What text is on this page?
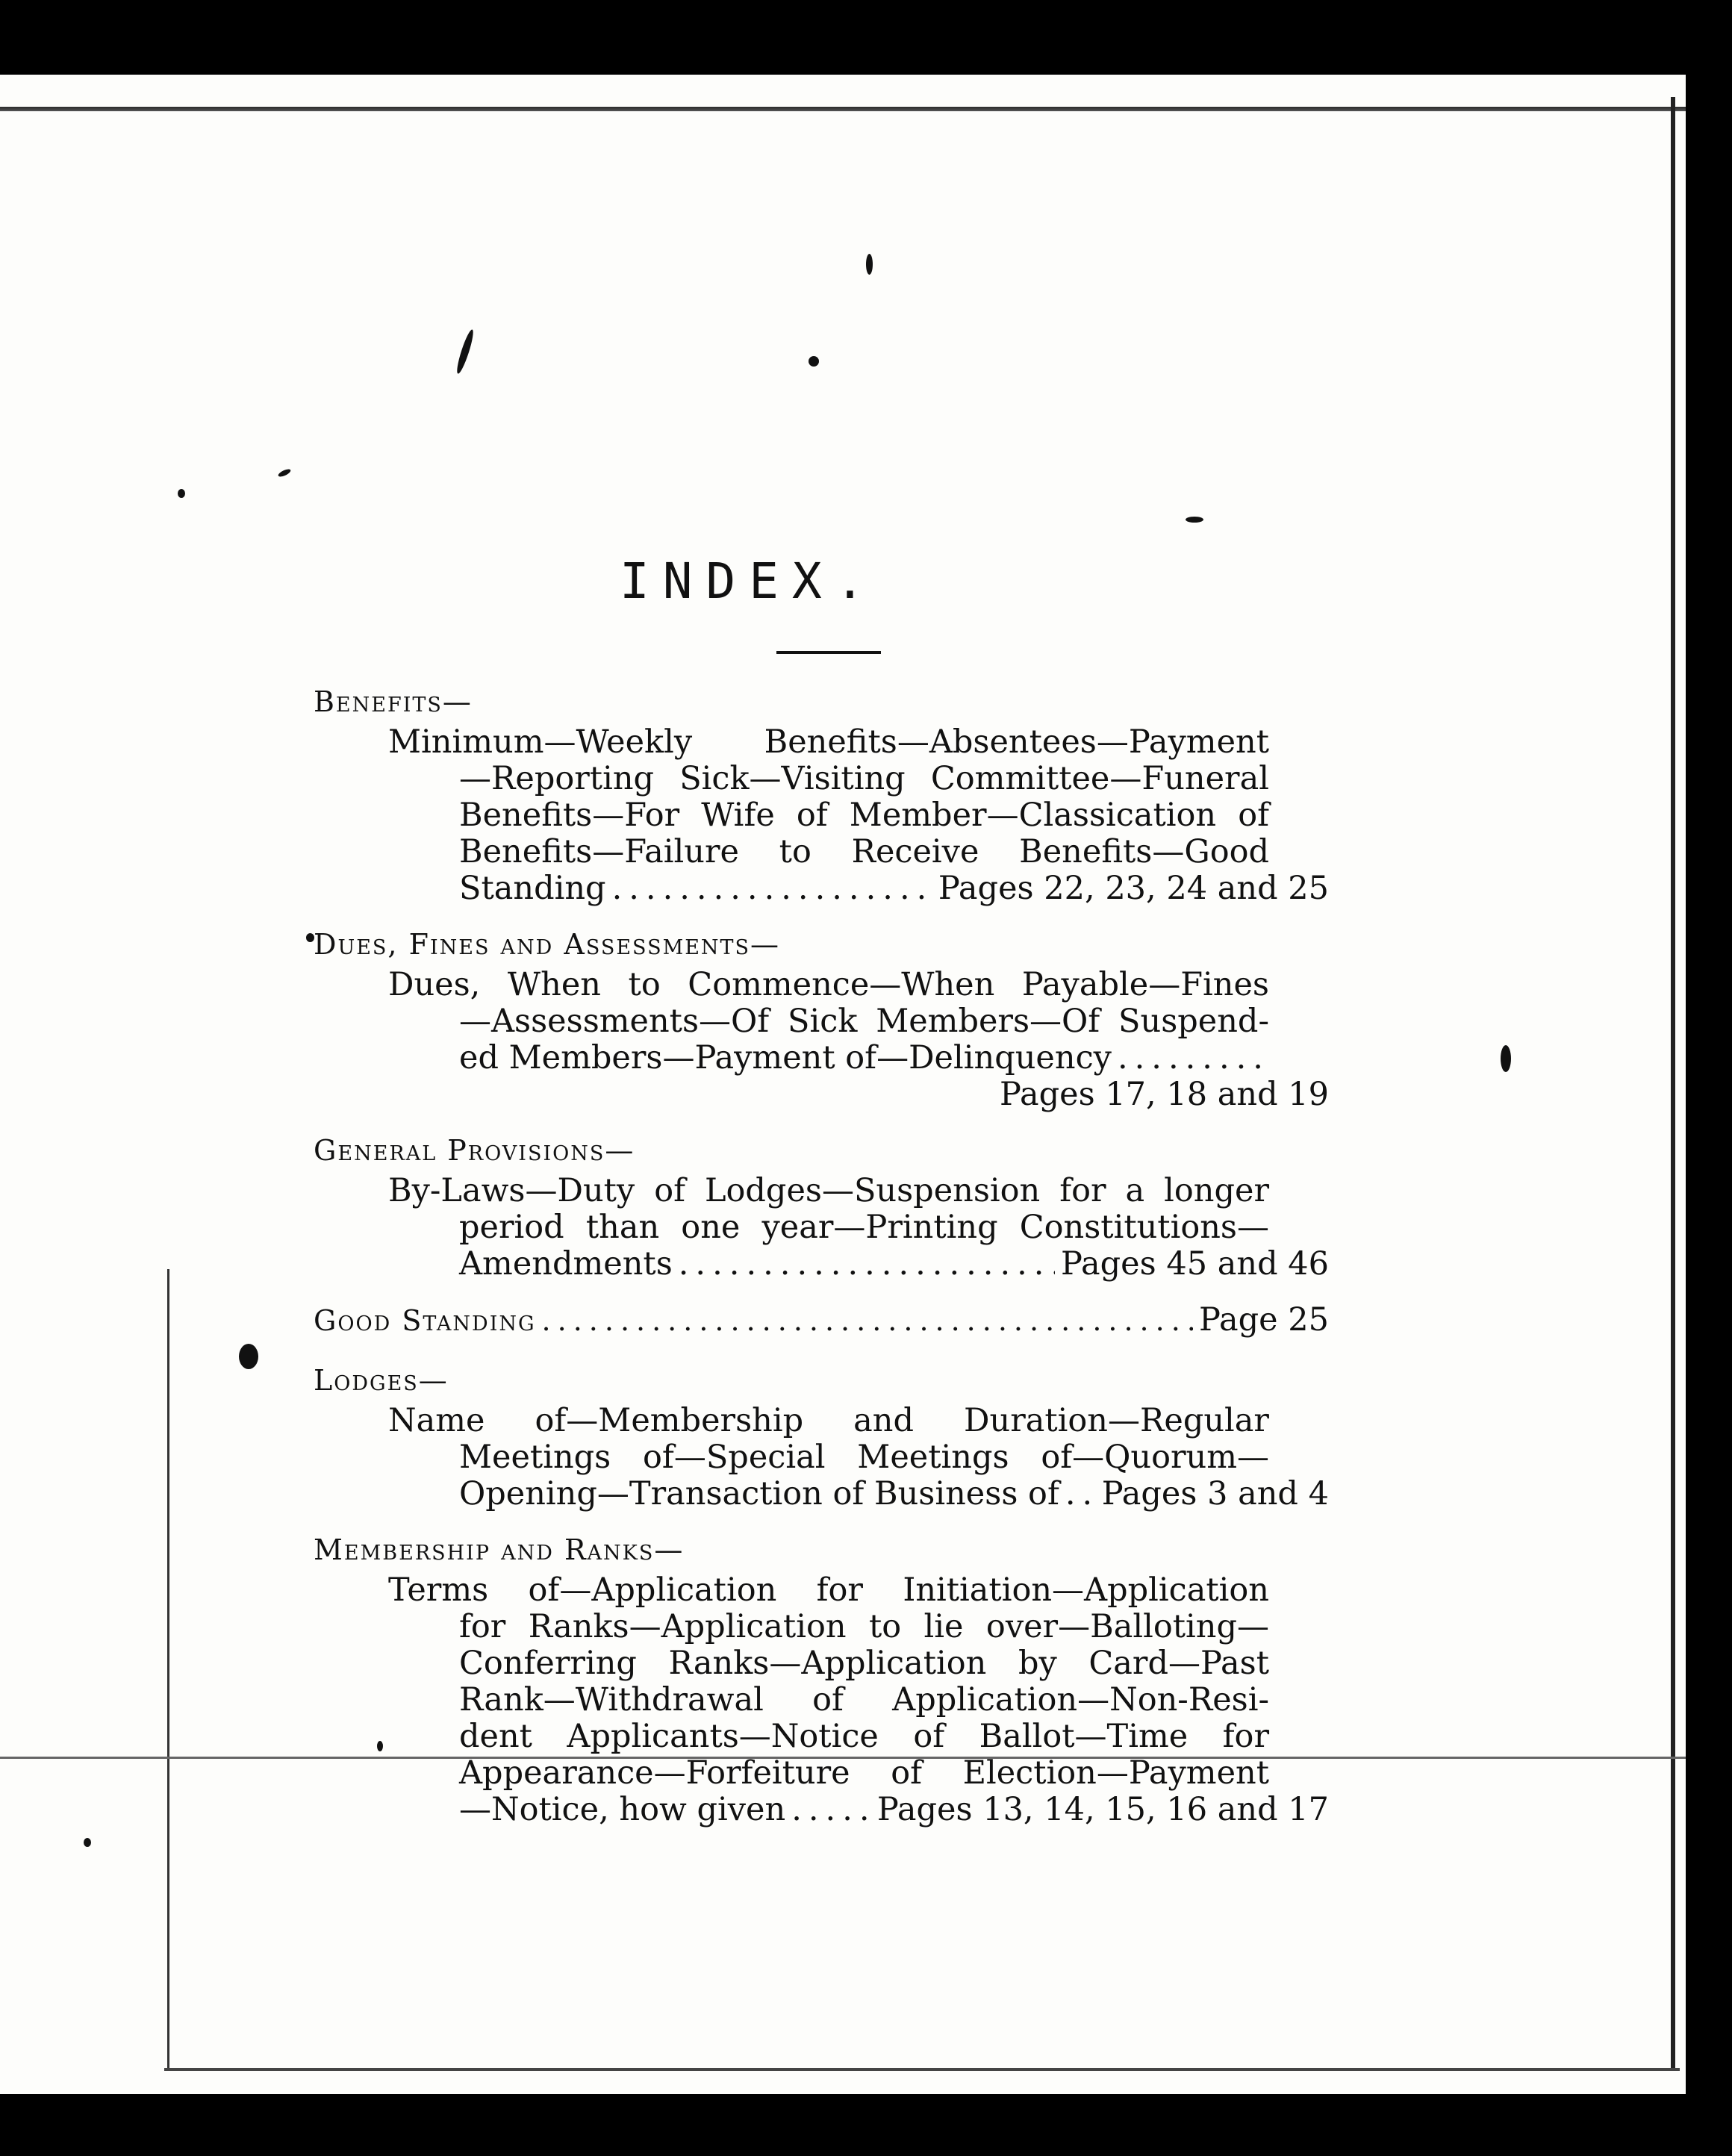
INDEX.
Benefits—
Minimum—Weekly Benefits—Absentees—Payment
—Reporting Sick—Visiting Committee—Funeral
Benefits—For Wife of Member—Classication of
Benefits—Failure to Receive Benefits—Good
Standing .....	Pages 22, 23, 24 and 25
Dues, Fines and Assessments—
Dues, When to Commence—When Payable—Fines
—Assessments—Of Sick Members—Of Suspend-
ed Members—Payment of—Delinquency
.....
Pages 17, 18 and 19
General Provisions—
By-Laws—Duty of Lodges—Suspension for a longer
period than one year—Printing Constitutions—
Amendments .....	Pages 45 and 46
Good Standing .....	Page 25
Lodges—
Name of—Membership and Duration—Regular
Meetings of—Special Meetings of—Quorum—
Opening—Transaction of Business of ..... Pages 3 and 4
Membership and Ranks—
Terms of—Application for Initiation—Application
for Ranks—Application to lie over—Balloting—
Conferring Ranks—Application by Card—Past
Rank—Withdrawal of Application—Non-Resi-
dent Applicants—Notice of Ballot—Time for
Appearance—Forfeiture of Election—Payment
—Notice, how given .....	Pages 13, 14, 15, 16 and 17
